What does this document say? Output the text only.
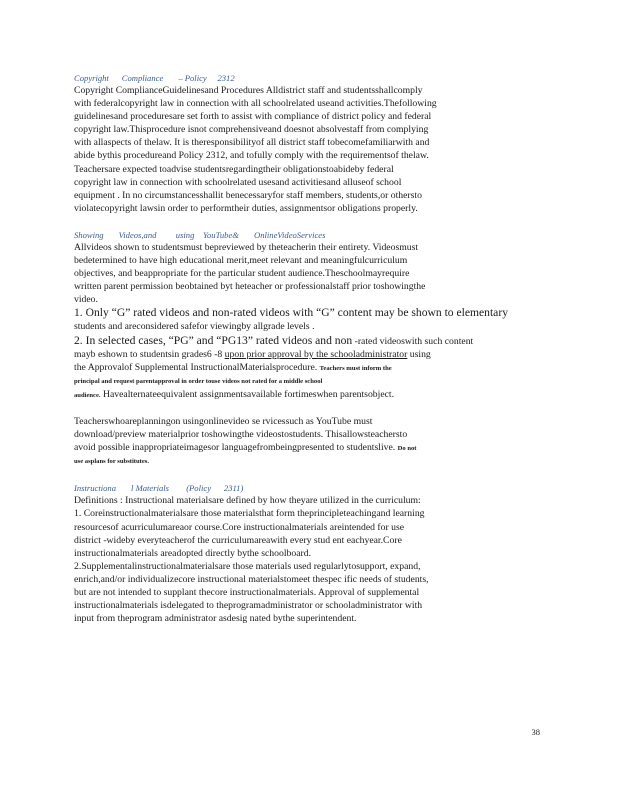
Copyright      Compliance       – Policy     2312

Copyright ComplianceGuidelinesand Procedures Alldistrict staff and studentsshallcomply

with federalcopyright law in connection with all schoolrelated useand activities.Thefollowing

guidelinesand proceduresare set forth to assist with compliance of district policy and federal

copyright law.Thisprocedure isnot comprehensiveand doesnot absolvestaff from complying

with allaspects of thelaw. It is theresponsibilityof all district staff tobecomefamiliarwith and

abide bythis procedureand Policy 2312, and tofully comply with the requirementsof thelaw.

Teachersare expected toadvise studentsregardingtheir obligationstoabideby federal

copyright law in connection with schoolrelated usesand activitiesand alluseof school

equipment . In no circumstancesshallit benecessaryfor staff members, students,or othersto

violatecopyright lawsin order to performtheir duties, assignmentsor obligations properly.

Showing       Videos,and         using    YouTube&       OnlineVideoServices

Allvideos shown to studentsmust bepreviewed by theteacherin their entirety. Videosmust

bedetermined to have high educational merit,meet relevant and meaningfulcurriculum

objectives, and beappropriate for the particular student audience.Theschoolmayrequire

written parent permission beobtained byt heteacher or professionalstaff prior toshowingthe

video.

1. Only “G” rated videos and non-rated videos with “G” content may be shown to elementary

students and areconsidered safefor viewingby allgrade levels .

2. In selected cases, “PG” and “PG13” rated videos and non -rated videoswith such content

mayb eshown to studentsin grades6 -8 upon prior approval by the schooladministrator using

the Approvalof Supplemental InstructionalMaterialsprocedure. Teachers must inform the

principal and request parentapproval in order touse videos not rated for a middle school

audience. Havealternateequivalent assignmentsavailable fortimeswhen parentsobject.

Teacherswhoareplanningon usingonlinevideo se rvicessuch as YouTube must

download/preview materialprior toshowingthe videostostudents. Thisallowsteachersto

avoid possible inappropriateimagesor languagefrombeingpresented to studentslive. Do not

use asplans for substitutes.

Instructiona       l Materials        (Policy      2311)

Definitions : Instructional materialsare defined by how theyare utilized in the curriculum:

1. Coreinstructionalmaterialsare those materialsthat form theprincipleteachingand learning

resourcesof acurriculumareaor course.Core instructionalmaterials areintended for use

district -wideby everyteacherof the curriculumareawith every stud ent eachyear.Core

instructionalmaterials areadopted directly bythe schoolboard.

2.Supplementalinstructionalmaterialsare those materials used regularlytosupport, expand,

enrich,and/or individualizecore instructional materialstomeet thespec ific needs of students,

but are not intended to supplant thecore instructionalmaterials. Approval of supplemental

instructionalmaterials isdelegated to theprogramadministrator or schooladministrator with

input from theprogram administrator asdesig nated bythe superintendent.

38
